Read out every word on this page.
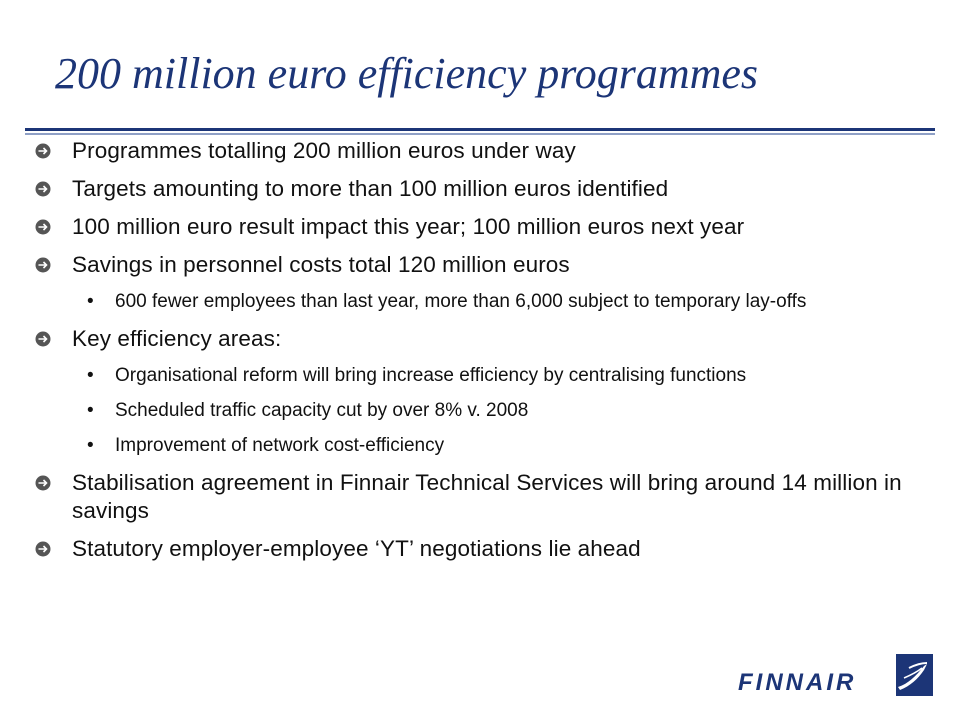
200 million euro efficiency programmes
Programmes totalling 200 million euros under way
Targets amounting to more than 100 million euros identified
100 million euro result impact this year; 100 million euros next year
Savings in personnel costs total 120 million euros
• 600 fewer employees than last year, more than 6,000 subject to temporary lay-offs
Key efficiency areas:
• Organisational reform will bring increase efficiency by centralising functions
• Scheduled traffic capacity cut by over 8% v. 2008
• Improvement of network cost-efficiency
Stabilisation agreement in Finnair Technical Services will bring around 14 million in savings
Statutory employer-employee ‘YT’ negotiations lie ahead
FINNAIR
